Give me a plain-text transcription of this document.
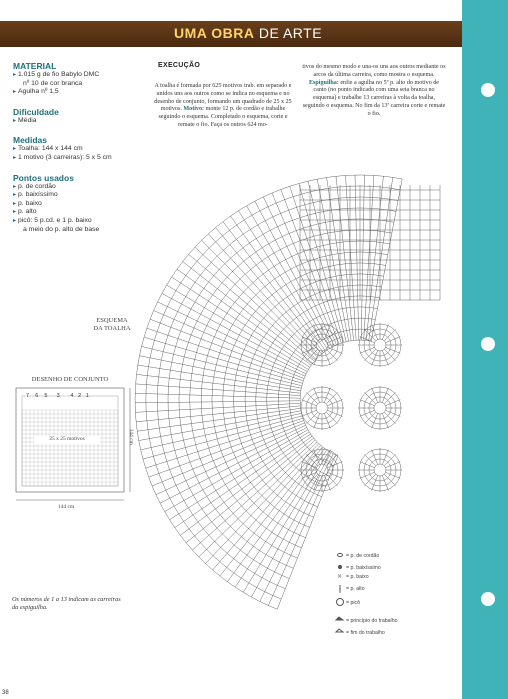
UMA OBRA DE ARTE
MATERIAL
▸ 1.015 g de fio Babylo DMC
nº 10 de cor branca
▸ Agulha nº 1,5
Dificuldade
▸ Média
Medidas
▸ Toalha: 144 x 144 cm
▸ 1 motivo (3 carreiras): 5 x 5 cm
Pontos usados
▸ p. de cordão
▸ p. baixíssimo
▸ p. baixo
▸ p. alto
▸ picô: 5 p.cd. e 1 p. baixo
a meio do p. alto de base
EXECUÇÃO
A toalha é formada por 625 motivos trab. em separado e unidos uns aos outros como se indica no esquema e no desenho de conjunto, formando um quadrado de 25 x 25 motivos. Motivo: monte 12 p. de cordão e trabalhe seguindo o esquema. Completado o esquema, corte e remate o fio. Faça os outros 624 mo-
tivos do mesmo modo e una-os uns aos outros mediante os arcos da última carreira, como mostra o esquema. Espiguilha: enfie a agulha no 5º p. alto do motivo de canto (no ponto indicado com uma seta branca no esquema) e trabalhe 13 carreiras à volta da toalha, seguindo o esquema. No fim da 13ª carreira corte e remate o fio.
×
ESQUEMA
DA TOALHA
DESENHO DE CONJUNTO
25 x 25 motivos
144 cm
144 cm
7 6 5 3 4 2 1
Os números de 1 a 13 indicam as carreiras da espiguilha.
= p. de cordão
= p. baixíssimo
= p. baixo
= p. alto
= picô
= princípio do trabalho
= fim do trabalho
38
